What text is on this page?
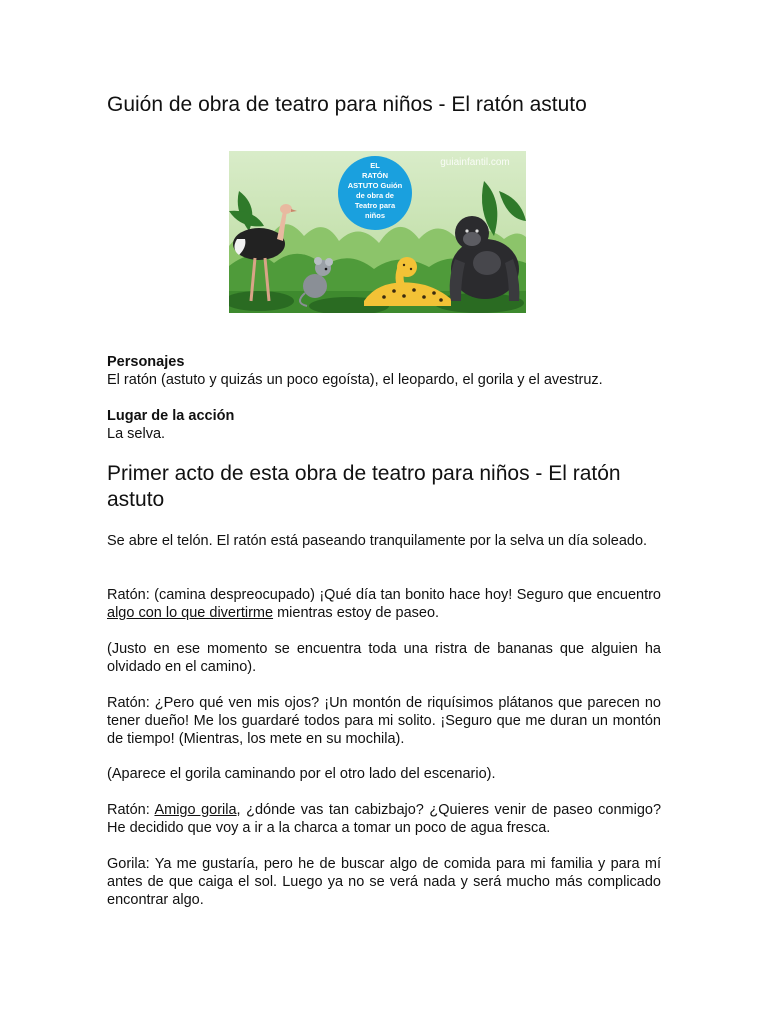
Guión de obra de teatro para niños - El ratón astuto
EL
RATÓN
ASTUTO Guión
de obra de
Teatro para
niños
guiainfantil.com
Personajes
El ratón (astuto y quizás un poco egoísta), el leopardo, el gorila y el avestruz.
Lugar de la acción
La selva.
Primer acto de esta obra de teatro para niños - El ratón astuto

Se abre el telón. El ratón está paseando tranquilamente por la selva un día soleado.

Ratón: (camina despreocupado) ¡Qué día tan bonito hace hoy! Seguro que encuentro algo con lo que divertirme mientras estoy de paseo.

(Justo en ese momento se encuentra toda una ristra de bananas que alguien ha olvidado en el camino).

Ratón: ¿Pero qué ven mis ojos? ¡Un montón de riquísimos plátanos que parecen no tener dueño! Me los guardaré todos para mi solito. ¡Seguro que me duran un montón de tiempo! (Mientras, los mete en su mochila).

(Aparece el gorila caminando por el otro lado del escenario).

Ratón: Amigo gorila, ¿dónde vas tan cabizbajo? ¿Quieres venir de paseo conmigo? He decidido que voy a ir a la charca a tomar un poco de agua fresca.

Gorila: Ya me gustaría, pero he de buscar algo de comida para mi familia y para mí antes de que caiga el sol. Luego ya no se verá nada y será mucho más complicado encontrar algo.
